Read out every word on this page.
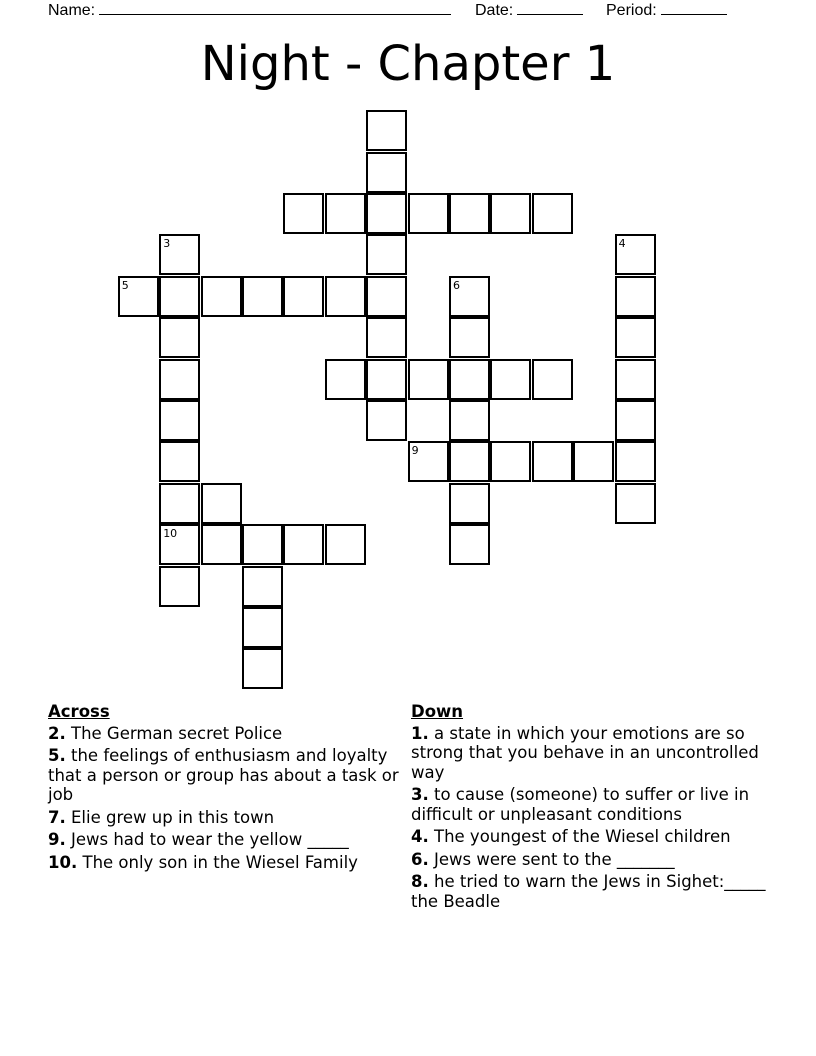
Name:	Date:	Period:
Night - Chapter 1
3
10
5	6
9
4
Across
2. The German secret Police
5. the feelings of enthusiasm and loyalty that a person or group has about a task or job
7. Elie grew up in this town
9. Jews had to wear the yellow _____
10. The only son in the Wiesel Family
Down
1. a state in which your emotions are so strong that you behave in an uncontrolled way
3. to cause (someone) to suffer or live in difficult or unpleasant conditions
4. The youngest of the Wiesel children
6. Jews were sent to the _______
8. he tried to warn the Jews in Sighet:_____ the Beadle
